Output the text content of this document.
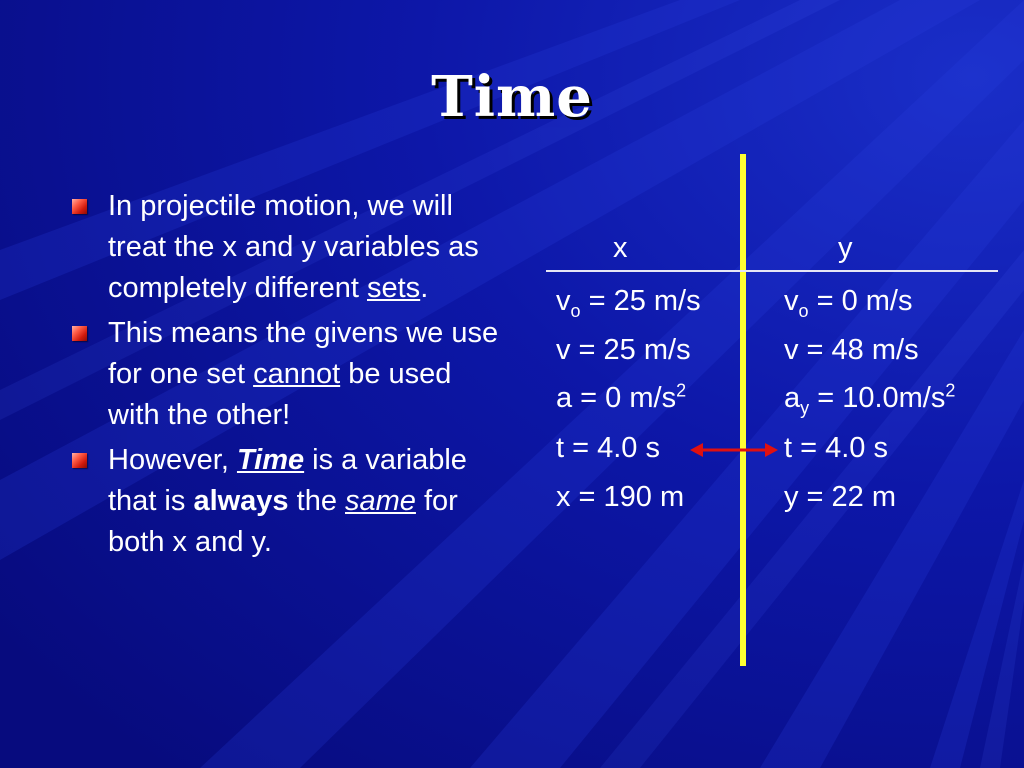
Time
In projectile motion, we will treat the x and y variables as completely different sets.
This means the givens we use for one set cannot be used with the other!
However, Time is a variable that is always the same for both x and y.
x	y
$v_o = 25$ m/s	$v_o = 0$ m/s
v = 25 m/s	v = 48 m/s
a = 0 $m/s^2$	$a_y = 10.0m/s^2$
t = 4.0 s	t = 4.0 s
x = 190 m	y = 22 m
